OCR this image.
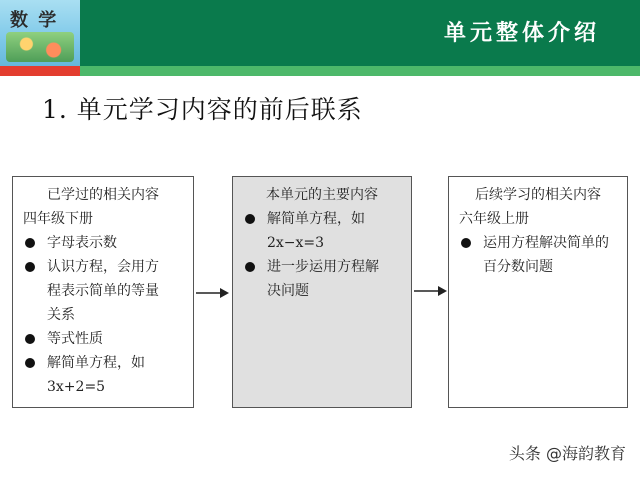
数 学
单元整体介绍
1. 单元学习内容的前后联系
已学过的相关内容
四年级下册
字母表示数
认识方程，会用方
程表示简单的等量
关系
等式性质
解简单方程，如
3x+2=5
本单元的主要内容
解简单方程，如
2x−x=3
进一步运用方程解
决问题
后续学习的相关内容
六年级上册
运用方程解决简单的
百分数问题
头条 @海韵教育
